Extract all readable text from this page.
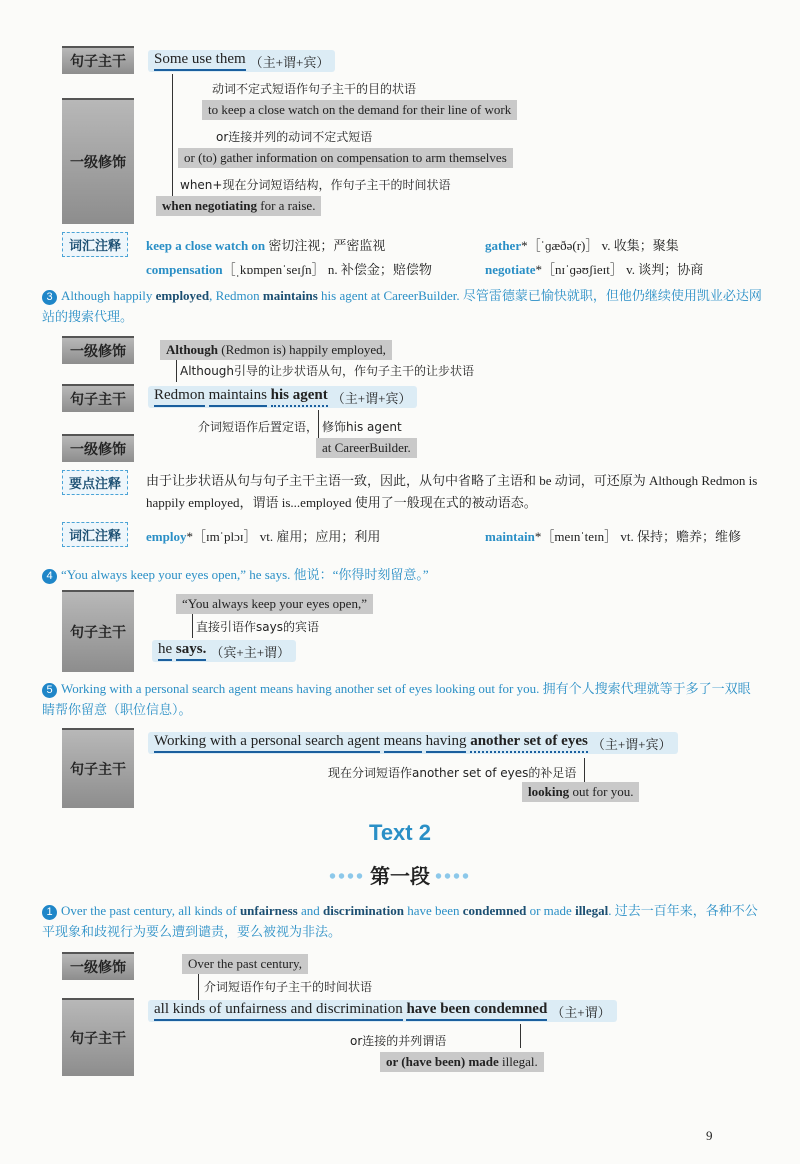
句子主干	Some use them （主+谓+宾）
一级修饰
动词不定式短语作句子主干的目的状语
to keep a close watch on the demand for their line of work
or连接并列的动词不定式短语
or (to) gather information on compensation to arm themselves
when+现在分词短语结构，作句子主干的时间状语
when negotiating for a raise.
词汇注释	keep a close watch on 密切注视；严密监视	gather*［ˈɡæðə(r)］ v. 收集；聚集
compensation［ˌkɒmpenˈseɪʃn］ n. 补偿金；赔偿物	negotiate*［nɪˈɡəʊʃieɪt］ v. 谈判；协商
3 Although happily employed, Redmon maintains his agent at CareerBuilder. 尽管雷德蒙已愉快就职，但他仍继续使用凯业必达网站的搜索代理。
一级修饰	Although (Redmon is) happily employed,
Although引导的让步状语从句，作句子主干的让步状语
句子主干	Redmon
maintains
his agent （主+谓+宾）
介词短语作后置定语， 修饰his agent
一级修饰	at CareerBuilder.
要点注释	由于让步状语从句与句子主干主语一致，因此，从句中省略了主语和 be 动词，可还原为 Although Redmon is happily employed，谓语 is...employed 使用了一般现在式的被动语态。
词汇注释	employ*［ɪmˈplɔɪ］ vt. 雇用；应用；利用	maintain*［meɪnˈteɪn］ vt. 保持；赡养；维修
4 “You always keep your eyes open,” he says. 他说：“你得时刻留意。”
句子主干
“You always keep your eyes open,”
直接引语作says的宾语
he
says. （宾+主+谓）
5 Working with a personal search agent means having another set of eyes looking out for you. 拥有个人搜索代理就等于多了一双眼睛帮你留意（职位信息）。
句子主干
Working with a personal search agent
means
having
another set of eyes （主+谓+宾）
现在分词短语作another set of eyes的补足语
looking out for you.
Text 2
•••• 第一段 ••••
1 Over the past century, all kinds of unfairness and discrimination have been condemned or made illegal. 过去一百年来，各种不公平现象和歧视行为要么遭到谴责，要么被视为非法。
一级修饰	Over the past century,
介词短语作句子主干的时间状语
句子主干
all kinds of unfairness and discrimination
have been condemned （主+谓）
or连接的并列谓语
or (have been) made illegal.
9
